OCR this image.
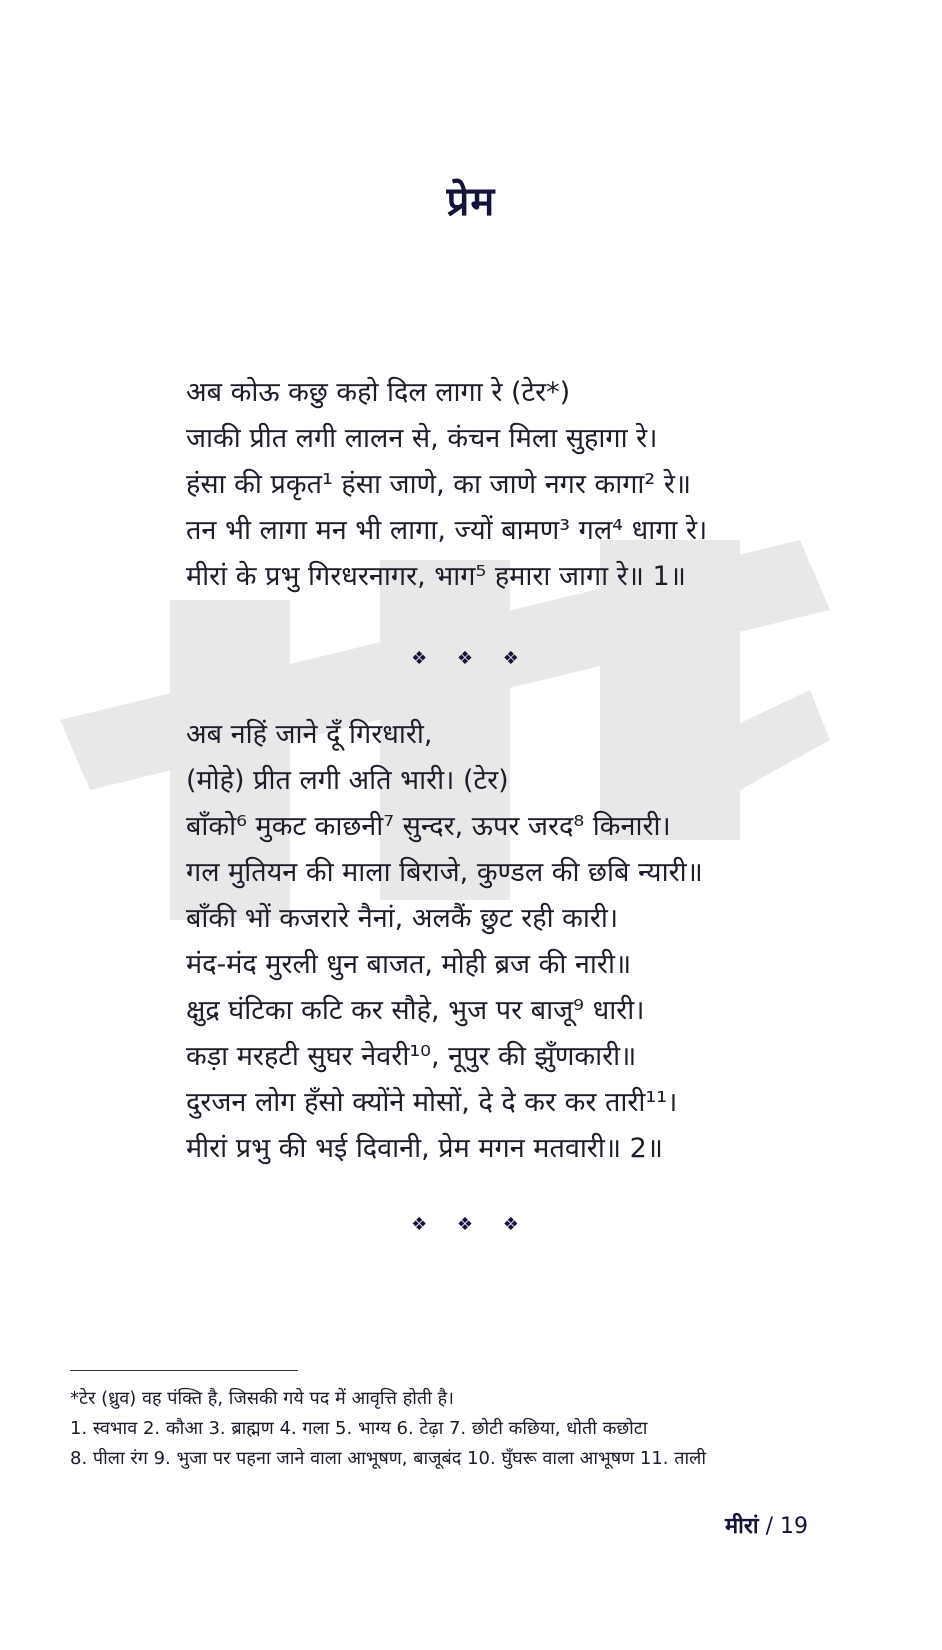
प्रेम
अब कोऊ कछु कहो दिल लागा रे (टेर*)
जाकी प्रीत लगी लालन से, कंचन मिला सुहागा रे।
हंसा की प्रकृत¹ हंसा जाणे, का जाणे नगर कागा² रे॥
तन भी लागा मन भी लागा, ज्यों बामण³ गल⁴ धागा रे।
मीरां के प्रभु गिरधरनागर, भाग⁵ हमारा जागा रे॥ 1॥
❖ ❖ ❖
अब नहिं जाने दूँ गिरधारी,
(मोहे) प्रीत लगी अति भारी। (टेर)
बाँको⁶ मुकट काछनी⁷ सुन्दर, ऊपर जरद⁸ किनारी।
गल मुतियन की माला बिराजे, कुण्डल की छबि न्यारी॥
बाँकी भों कजरारे नैनां, अलकैं छुट रही कारी।
मंद-मंद मुरली धुन बाजत, मोही ब्रज की नारी॥
क्षुद्र घंटिका कटि कर सौहे, भुज पर बाजू⁹ धारी।
कड़ा मरहटी सुघर नेवरी¹⁰, नूपुर की झुँणकारी॥
दुरजन लोग हँसो क्योंने मोसों, दे दे कर कर तारी¹¹।
मीरां प्रभु की भई दिवानी, प्रेम मगन मतवारी॥ 2॥
❖ ❖ ❖
*टेर (ध्रुव) वह पंक्ति है, जिसकी गये पद में आवृत्ति होती है।
1. स्वभाव 2. कौआ 3. ब्राह्मण 4. गला 5. भाग्य 6. टेढ़ा 7. छोटी कछिया, धोती कछोटा
8. पीला रंग 9. भुजा पर पहना जाने वाला आभूषण, बाजूबंद 10. घुँघरू वाला आभूषण 11. ताली
मीरां / 19
